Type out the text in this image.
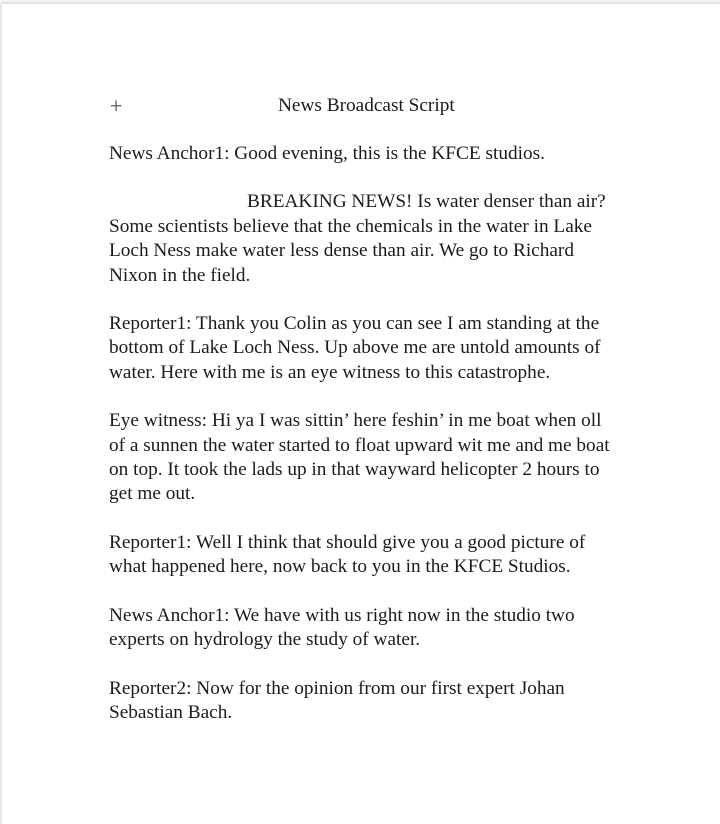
+	News Broadcast Script

News Anchor1: Good evening, this is the KFCE studios.

BREAKING NEWS! Is water denser than air? Some scientists believe that the chemicals in the water in Lake Loch Ness make water less dense than air. We go to Richard Nixon in the field.

Reporter1: Thank you Colin as you can see I am standing at the bottom of Lake Loch Ness. Up above me are untold amounts of water. Here with me is an eye witness to this catastrophe.

Eye witness: Hi ya I was sittin’ here feshin’ in me boat when oll of a sunnen the water started to float upward wit me and me boat on top. It took the lads up in that wayward helicopter 2 hours to get me out.

Reporter1: Well I think that should give you a good picture of what happened here, now back to you in the KFCE Studios.

News Anchor1: We have with us right now in the studio two experts on hydrology the study of water.

Reporter2: Now for the opinion from our first expert Johan Sebastian Bach.
